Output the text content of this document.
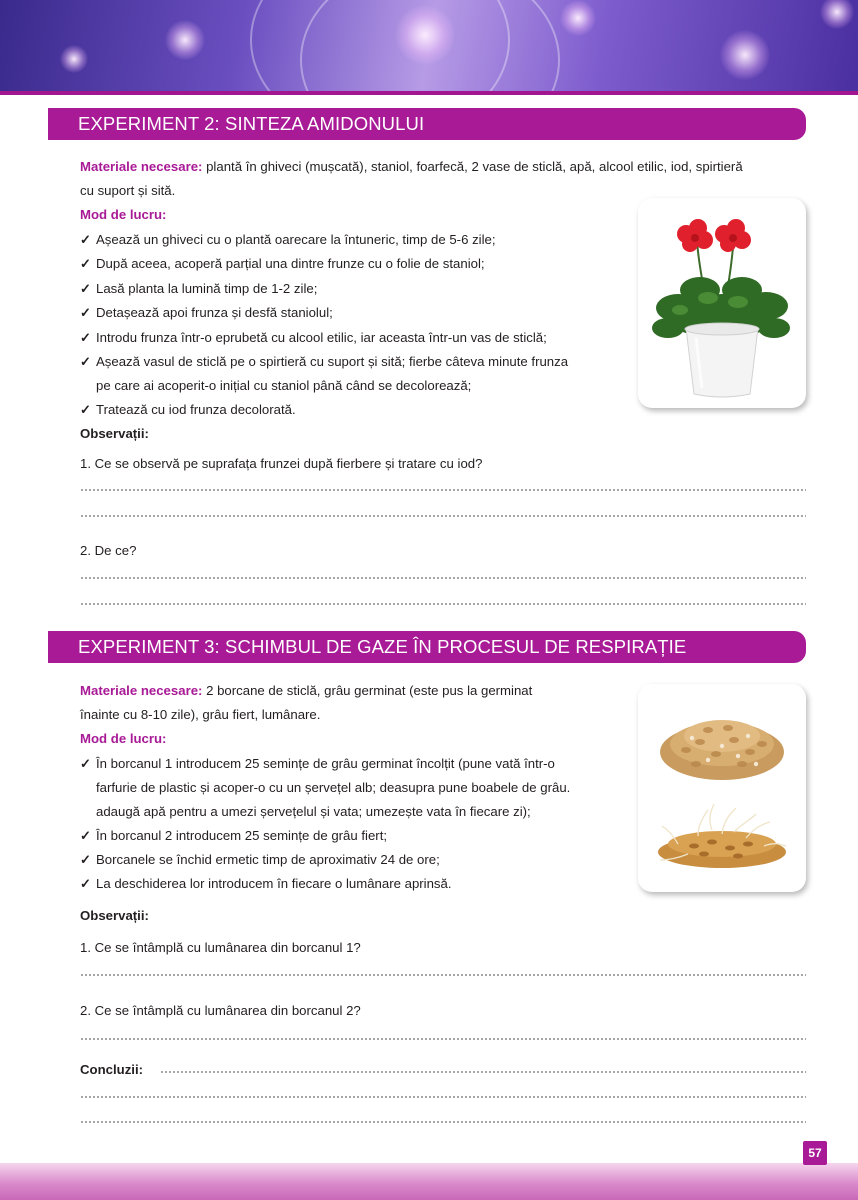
EXPERIMENT 2: SINTEZA AMIDONULUI
Materiale necesare: plantă în ghiveci (mușcată), staniol, foarfecă, 2 vase de sticlă, apă, alcool etilic, iod, spirtieră
cu suport și sită.
Mod de lucru:
✓ Așează un ghiveci cu o plantă oarecare la întuneric, timp de 5-6 zile;
✓ După aceea, acoperă parțial una dintre frunze cu o folie de staniol;
✓ Lasă planta la lumină timp de 1-2 zile;
✓ Detașează apoi frunza și desfă staniolul;
✓ Introdu frunza într-o eprubetă cu alcool etilic, iar aceasta într-un vas de sticlă;
✓ Așează vasul de sticlă pe o spirtieră cu suport și sită; fierbe câteva minute frunza
pe care ai acoperit-o inițial cu staniol până când se decolorează;
✓ Tratează cu iod frunza decolorată.
Observații:
1. Ce se observă pe suprafața frunzei după fierbere și tratare cu iod?
2. De ce?
EXPERIMENT 3: SCHIMBUL DE GAZE ÎN PROCESUL DE RESPIRAȚIE
Materiale necesare: 2 borcane de sticlă, grâu germinat (este pus la germinat
înainte cu 8-10 zile), grâu fiert, lumânare.
Mod de lucru:
✓ În borcanul 1 introducem 25 semințe de grâu germinat încolțit (pune vată într-o
farfurie de plastic și acoper-o cu un șervețel alb; deasupra pune boabele de grâu.
adaugă apă pentru a umezi șervețelul și vata; umezește vata în fiecare zi);
✓ În borcanul 2 introducem 25 semințe de grâu fiert;
✓ Borcanele se închid ermetic timp de aproximativ 24 de ore;
✓ La deschiderea lor introducem în fiecare o lumânare aprinsă.
Observații:
1. Ce se întâmplă cu lumânarea din borcanul 1?
2. Ce se întâmplă cu lumânarea din borcanul 2?
Concluzii:
57
